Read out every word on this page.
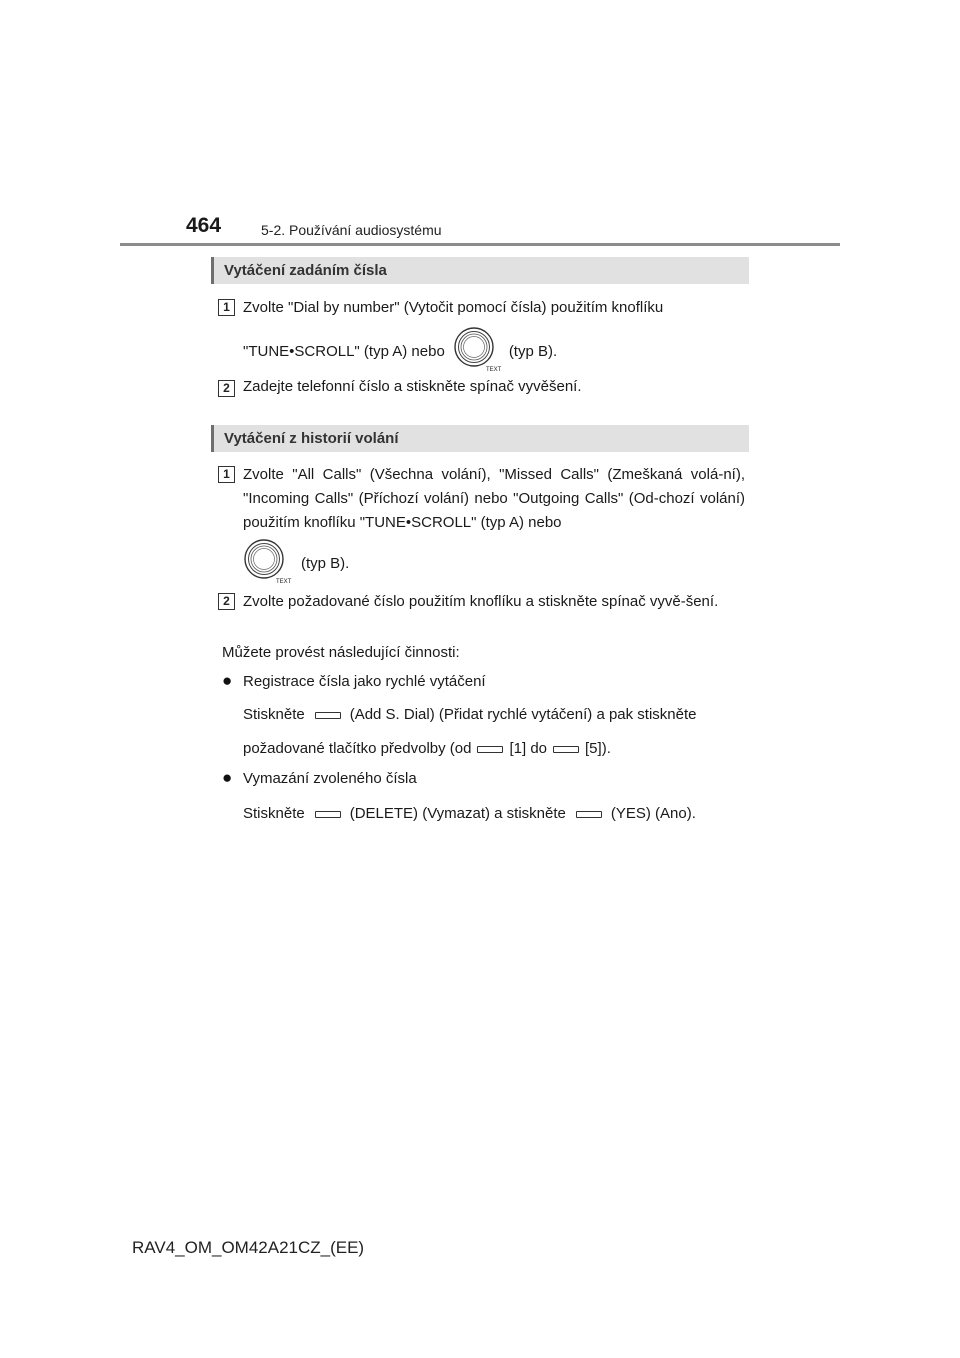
464	5-2. Používání audiosystému
Vytáčení zadáním čísla
1 Zvolte "Dial by number" (Vytočit pomocí čísla) použitím knoflíku
"TUNE•SCROLL" (typ A) nebo
TEXT
(typ B).
2 Zadejte telefonní číslo a stiskněte spínač vyvěšení.
Vytáčení z historií volání
1 Zvolte "All Calls" (Všechna volání), "Missed Calls" (Zmeškaná volá-ní), "Incoming Calls" (Příchozí volání) nebo "Outgoing Calls" (Od-chozí volání) použitím knoflíku "TUNE•SCROLL" (typ A) nebo
TEXT
(typ B).
2 Zvolte požadované číslo použitím knoflíku a stiskněte spínač vyvě-šení.
Můžete provést následující činnosti:
● Registrace čísla jako rychlé vytáčení
Stiskněte	(Add S. Dial) (Přidat rychlé vytáčení) a pak stiskněte
požadované tlačítko předvolby (od	[1] do	[5]).
● Vymazání zvoleného čísla
Stiskněte	(DELETE) (Vymazat) a stiskněte	(YES) (Ano).
RAV4_OM_OM42A21CZ_(EE)
